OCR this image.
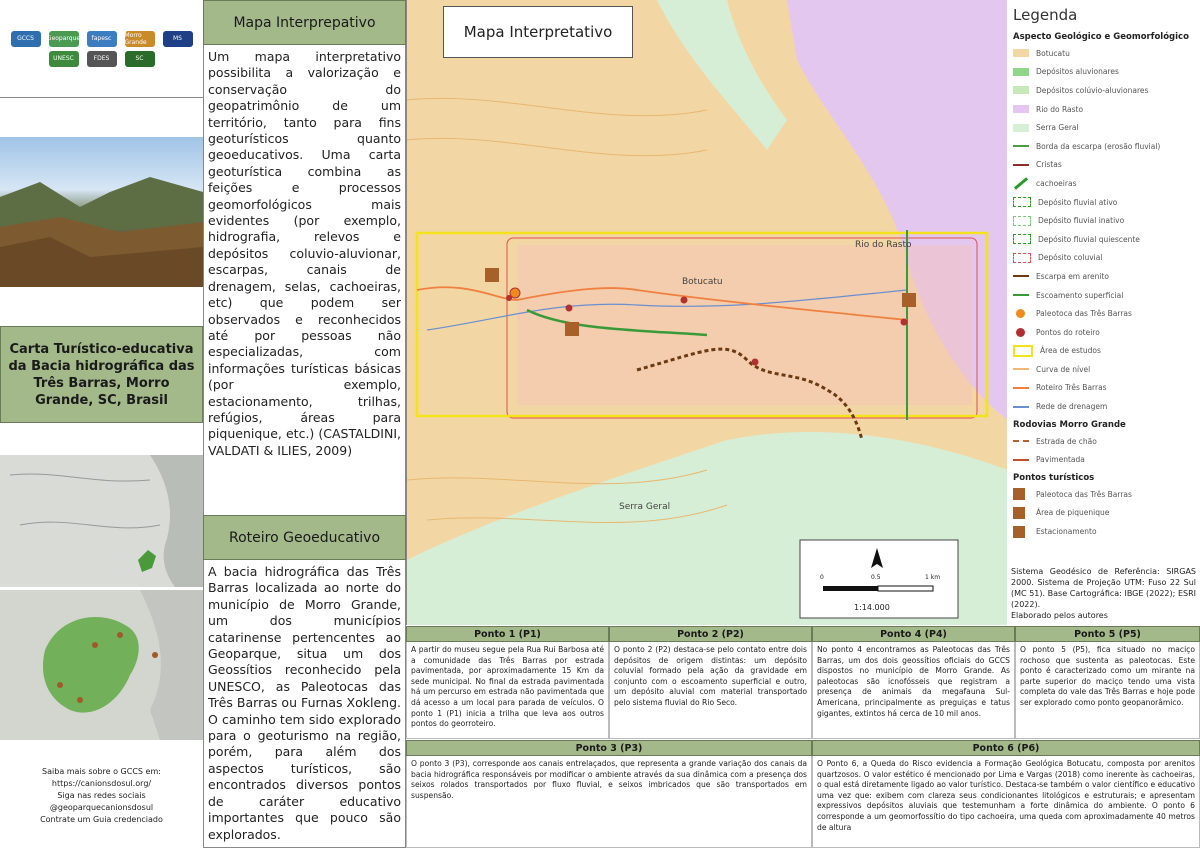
GCCS	Geoparque	fapesc	Morro Grande	MS
UNESC	FDES	SC
Carta Turístico-educativa da Bacia hidrográfica das Três Barras, Morro Grande, SC, Brasil
Saiba mais sobre o GCCS em:
https://canionsdosul.org/
Siga nas redes sociais
@geoparquecanionsdosul
Contrate um Guia credenciado
Mapa Interprepativo
Um mapa interpretativo possibilita a valorização e conservação do geopatrimônio de um território, tanto para fins geoturísticos quanto geoeducativos. Uma carta geoturística combina as feições e processos geomorfológicos mais evidentes (por exemplo, hidrografia, relevos e depósitos coluvio-aluvionar, escarpas, canais de drenagem, selas, cachoeiras, etc) que podem ser observados e reconhecidos até por pessoas não especializadas, com informações turísticas básicas (por exemplo, estacionamento, trilhas, refúgios, áreas para piquenique, etc.) (CASTALDINI, VALDATI & ILIES, 2009)
Roteiro Geoeducativo
A bacia hidrográfica das Três Barras localizada ao norte do município de Morro Grande, um dos municípios catarinense pertencentes ao Geoparque, situa um dos Geossítios reconhecido pela UNESCO, as Paleotocas das Três Barras ou Furnas Xokleng. O caminho tem sido explorado para o geoturismo na região, porém, para além dos aspectos turísticos, são encontrados diversos pontos de caráter educativo importantes que pouco são explorados.
Mapa Interpretativo
Botucatu
Rio do Rasto
Serra Geral
0	0.5	1 km
1:14.000
Legenda
Aspecto Geológico e Geomorfológico
Botucatu
Depósitos aluvionares
Depósitos colúvio-aluvionares
Rio do Rasto
Serra Geral
Borda da escarpa (erosão fluvial)
Cristas
cachoeiras
Depósito fluvial ativo
Depósito fluvial inativo
Depósito fluvial quiescente
Depósito coluvial
Escarpa em arenito
Escoamento superficial
Paleotoca das Três Barras
Pontos do roteiro
Área de estudos
Curva de nível
Roteiro Três Barras
Rede de drenagem
Rodovias Morro Grande
Estrada de chão
Pavimentada
Pontos turísticos
Paleotoca das Três Barras
Área de piquenique
Estacionamento
Sistema Geodésico de Referência: SIRGAS 2000. Sistema de Projeção UTM: Fuso 22 Sul (MC 51). Base Cartográfica: IBGE (2022); ESRI (2022).
Elaborado pelos autores
Ponto 1 (P1)
A partir do museu segue pela Rua Rui Barbosa até a comunidade das Três Barras por estrada pavimentada, por aproximadamente 15 Km da sede municipal. No final da estrada pavimentada há um percurso em estrada não pavimentada que dá acesso a um local para parada de veículos. O ponto 1 (P1) inicia a trilha que leva aos outros pontos do georroteiro.
Ponto 2 (P2)
O ponto 2 (P2) destaca-se pelo contato entre dois depósitos de origem distintas: um depósito coluvial formado pela ação da gravidade em conjunto com o escoamento superficial e outro, um depósito aluvial com material transportado pelo sistema fluvial do Rio Seco.
Ponto 4 (P4)
No ponto 4 encontramos as Paleotocas das Três Barras, um dos dois geossítios oficiais do GCCS dispostos no município de Morro Grande. As paleotocas são icnofósseis que registram a presença de animais da megafauna Sul-Americana, principalmente as preguiças e tatus gigantes, extintos há cerca de 10 mil anos.
Ponto 5 (P5)
O ponto 5 (P5), fica situado no maciço rochoso que sustenta as paleotocas. Este ponto é caracterizado como um mirante na parte superior do maciço tendo uma vista completa do vale das Três Barras e hoje pode ser explorado como ponto geopanorâmico.
Ponto 3 (P3)
O ponto 3 (P3), corresponde aos canais entrelaçados, que representa a grande variação dos canais da bacia hidrográfica responsáveis por modificar o ambiente através da sua dinâmica com a presença dos seixos rolados transportados por fluxo fluvial, e seixos imbricados que são transportados em suspensão.
Ponto 6 (P6)
O Ponto 6, a Queda do Risco evidencia a Formação Geológica Botucatu, composta por arenitos quartzosos. O valor estético é mencionado por Lima e Vargas (2018) como inerente às cachoeiras, o qual está diretamente ligado ao valor turístico. Destaca-se também o valor científico e educativo uma vez que: exibem com clareza seus condicionantes litológicos e estruturais; e apresentam expressivos depósitos aluviais que testemunham a forte dinâmica do ambiente. O ponto 6 corresponde a um geomorfossítio do tipo cachoeira, uma queda com aproximadamente 40 metros de altura
